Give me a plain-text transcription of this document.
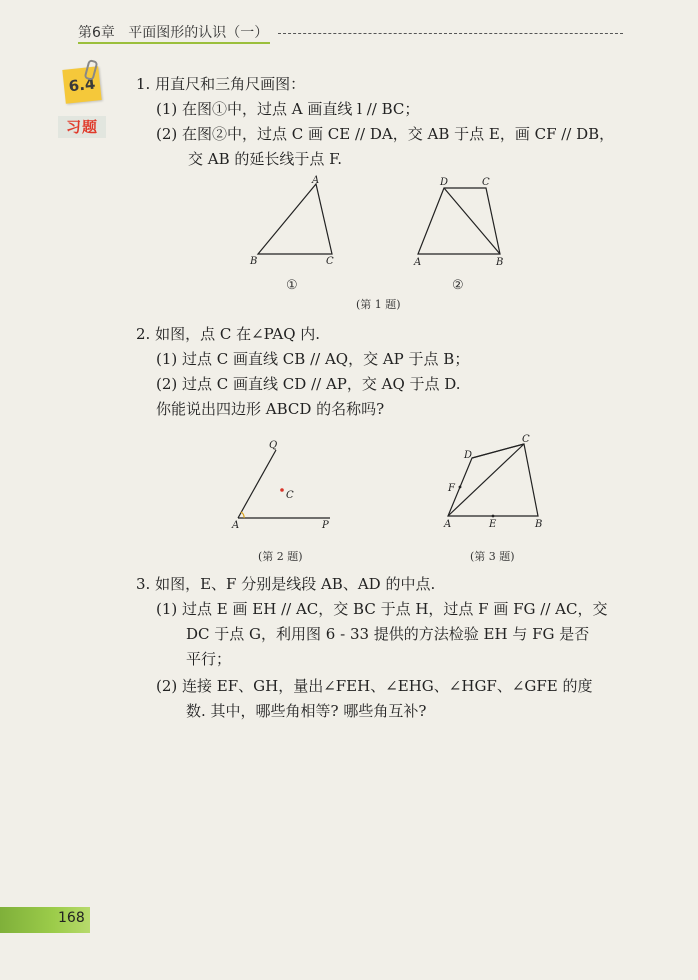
第6章 平面图形的认识（一）
6.4
习题
1. 用直尺和三角尺画图：
(1) 在图①中，过点 A 画直线 l // BC；
(2) 在图②中，过点 C 画 CE // DA，交 AB 于点 E，画 CF // DB，
交 AB 的延长线于点 F.
A
B	C
①
D	C
A	B
②
(第 1 题)
2. 如图，点 C 在∠PAQ 内.
(1) 过点 C 画直线 CB // AQ，交 AP 于点 B；
(2) 过点 C 画直线 CD // AP，交 AQ 于点 D.
你能说出四边形 ABCD 的名称吗?
Q
C
A	P
(第 2 题)
D
C
F
A	E	B
(第 3 题)
3. 如图，E、F 分别是线段 AB、AD 的中点.
(1) 过点 E 画 EH // AC，交 BC 于点 H，过点 F 画 FG // AC，交
DC 于点 G，利用图 6 - 33 提供的方法检验 EH 与 FG 是否
平行；
(2) 连接 EF、GH，量出∠FEH、∠EHG、∠HGF、∠GFE 的度
数. 其中，哪些角相等? 哪些角互补?
168
